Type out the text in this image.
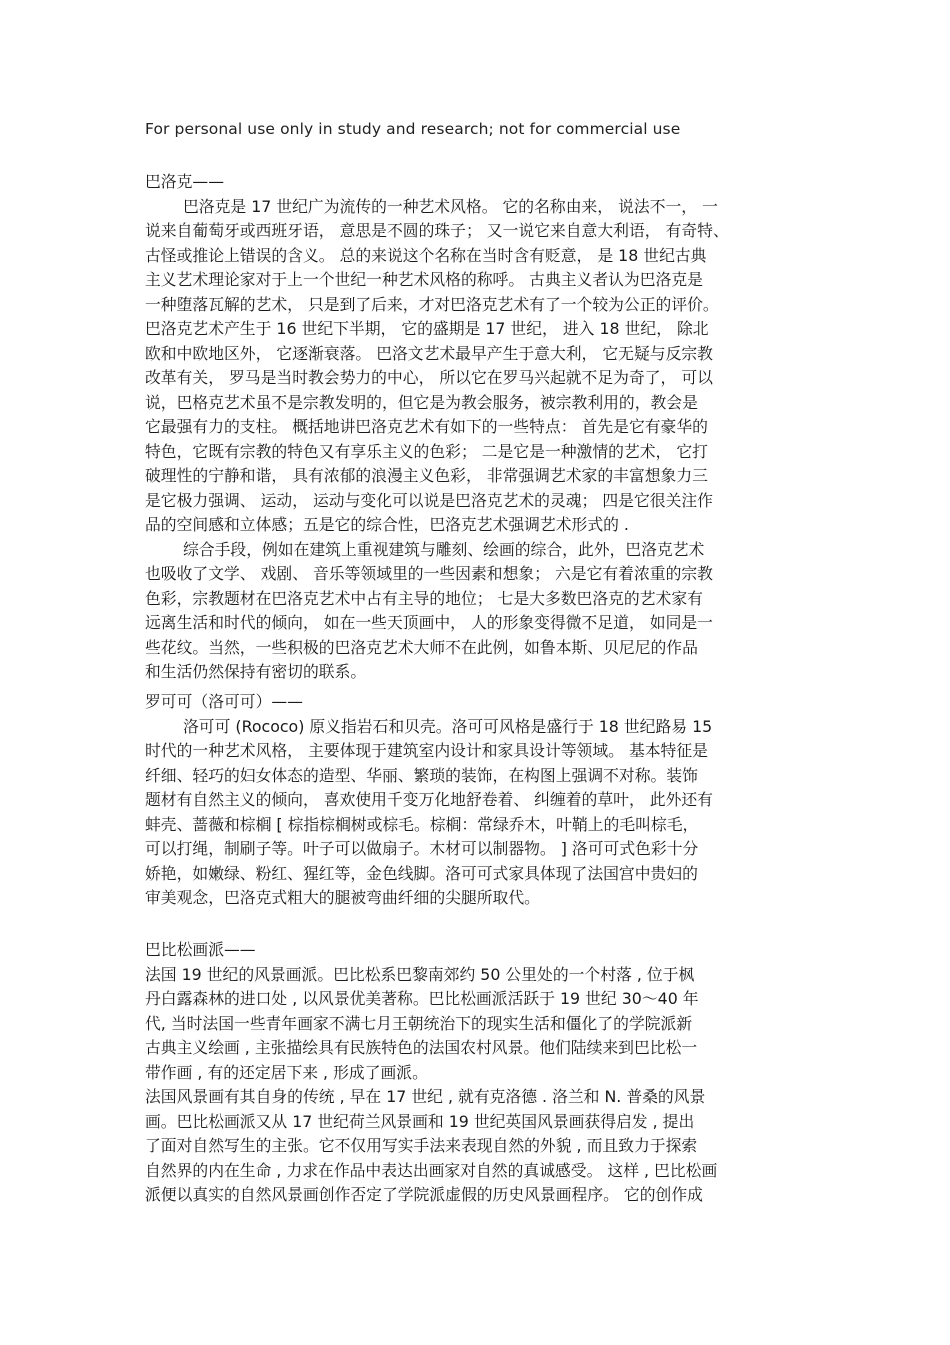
For personal use only in study and research; not for commercial use
巴洛克——
巴洛克是 17 世纪广为流传的一种艺术风格。 它的名称由来， 说法不一， 一
说来自葡萄牙或西班牙语， 意思是不圆的珠子； 又一说它来自意大利语， 有奇特、
古怪或推论上错误的含义。 总的来说这个名称在当时含有贬意， 是 18 世纪古典
主义艺术理论家对于上一个世纪一种艺术风格的称呼。 古典主义者认为巴洛克是
一种堕落瓦解的艺术， 只是到了后来，才对巴洛克艺术有了一个较为公正的评价。
巴洛克艺术产生于 16 世纪下半期， 它的盛期是 17 世纪， 进入 18 世纪， 除北
欧和中欧地区外， 它逐渐衰落。 巴洛文艺术最早产生于意大利， 它无疑与反宗教
改革有关， 罗马是当时教会势力的中心， 所以它在罗马兴起就不足为奇了， 可以
说，巴格克艺术虽不是宗教发明的，但它是为教会服务，被宗教利用的，教会是
它最强有力的支柱。 概括地讲巴洛克艺术有如下的一些特点： 首先是它有豪华的
特色，它既有宗教的特色又有享乐主义的色彩； 二是它是一种激情的艺术， 它打
破理性的宁静和谐， 具有浓郁的浪漫主义色彩， 非常强调艺术家的丰富想象力三
是它极力强调、 运动， 运动与变化可以说是巴洛克艺术的灵魂； 四是它很关注作
品的空间感和立体感；五是它的综合性，巴洛克艺术强调艺术形式的 .
综合手段，例如在建筑上重视建筑与雕刻、绘画的综合，此外，巴洛克艺术
也吸收了文学、 戏剧、 音乐等领域里的一些因素和想象； 六是它有着浓重的宗教
色彩，宗教题材在巴洛克艺术中占有主导的地位； 七是大多数巴洛克的艺术家有
远离生活和时代的倾向， 如在一些天顶画中， 人的形象变得微不足道， 如同是一
些花纹。当然，一些积极的巴洛克艺术大师不在此例，如鲁本斯、贝尼尼的作品
和生活仍然保持有密切的联系。
罗可可（洛可可）——
洛可可 (Rococo) 原义指岩石和贝壳。洛可可风格是盛行于 18 世纪路易 15
时代的一种艺术风格， 主要体现于建筑室内设计和家具设计等领域。 基本特征是
纤细、轻巧的妇女体态的造型、华丽、繁琐的装饰，在构图上强调不对称。装饰
题材有自然主义的倾向， 喜欢使用千变万化地舒卷着、 纠缠着的草叶， 此外还有
蚌壳、蔷薇和棕榈 [ 棕指棕榈树或棕毛。棕榈：常绿乔木，叶鞘上的毛叫棕毛，
可以打绳，制刷子等。叶子可以做扇子。木材可以制器物。 ] 洛可可式色彩十分
娇艳，如嫩绿、粉红、猩红等，金色线脚。洛可可式家具体现了法国宫中贵妇的
审美观念，巴洛克式粗大的腿被弯曲纤细的尖腿所取代。
巴比松画派——
法国 19 世纪的风景画派。巴比松系巴黎南郊约 50 公里处的一个村落 , 位于枫
丹白露森林的进口处 , 以风景优美著称。巴比松画派活跃于 19 世纪 30～40 年
代, 当时法国一些青年画家不满七月王朝统治下的现实生活和僵化了的学院派新
古典主义绘画 , 主张描绘具有民族特色的法国农村风景。他们陆续来到巴比松一
带作画 , 有的还定居下来 , 形成了画派。
法国风景画有其自身的传统 , 早在 17 世纪 , 就有克洛德 . 洛兰和 N. 普桑的风景
画。巴比松画派又从 17 世纪荷兰风景画和 19 世纪英国风景画获得启发 , 提出
了面对自然写生的主张。它不仅用写实手法来表现自然的外貌 , 而且致力于探索
自然界的内在生命 , 力求在作品中表达出画家对自然的真诚感受。 这样 , 巴比松画
派便以真实的自然风景画创作否定了学院派虚假的历史风景画程序。 它的创作成
